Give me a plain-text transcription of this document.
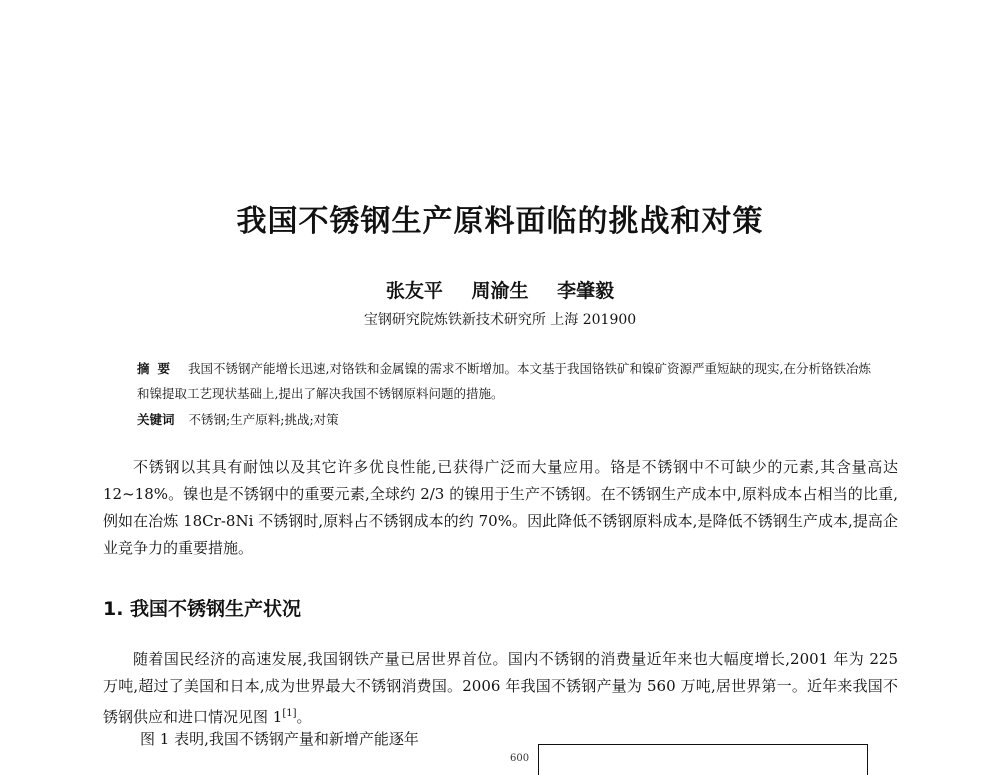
我国不锈钢生产原料面临的挑战和对策
张友平 周渝生 李肇毅
宝钢研究院炼铁新技术研究所 上海 201900
摘要 我国不锈钢产能增长迅速,对铬铁和金属镍的需求不断增加。本文基于我国铬铁矿和镍矿资源严重短缺的现实,在分析铬铁冶炼和镍提取工艺现状基础上,提出了解决我国不锈钢原料问题的措施。
关键词 不锈钢;生产原料;挑战;对策
不锈钢以其具有耐蚀以及其它许多优良性能,已获得广泛而大量应用。铬是不锈钢中不可缺少的元素,其含量高达 12~18%。镍也是不锈钢中的重要元素,全球约 2/3 的镍用于生产不锈钢。在不锈钢生产成本中,原料成本占相当的比重,例如在冶炼 18Cr-8Ni 不锈钢时,原料占不锈钢成本的约 70%。因此降低不锈钢原料成本,是降低不锈钢生产成本,提高企业竞争力的重要措施。
1. 我国不锈钢生产状况
随着国民经济的高速发展,我国钢铁产量已居世界首位。国内不锈钢的消费量近年来也大幅度增长,2001 年为 225 万吨,超过了美国和日本,成为世界最大不锈钢消费国。2006 年我国不锈钢产量为 560 万吨,居世界第一。近年来我国不锈钢供应和进口情况见图 1[1]。
图 1 表明,我国不锈钢产量和新增产能逐年
600
